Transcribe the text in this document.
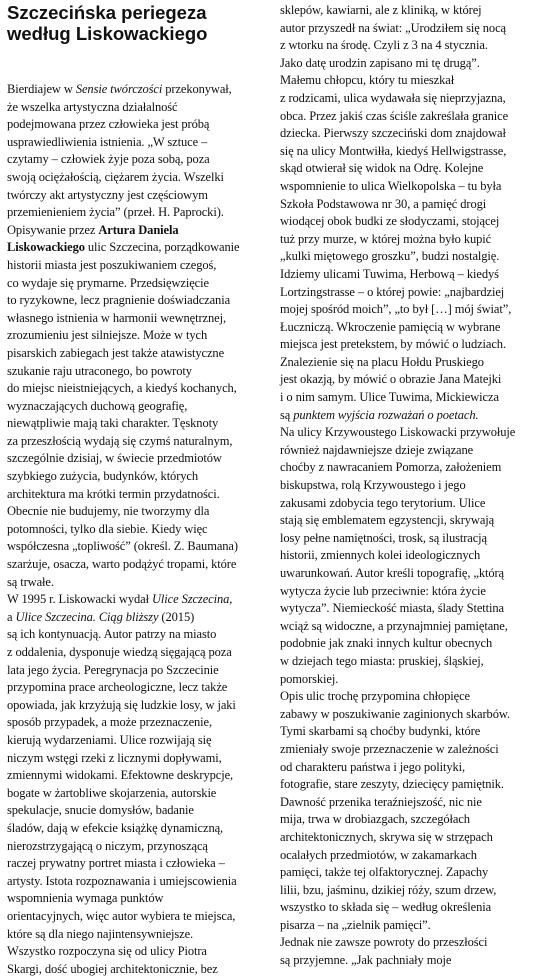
Szczecińska periegeza
według Liskowackiego
Bierdiajew w Sensie twórczości przekonywał,
że wszelka artystyczna działalność
podejmowana przez człowieka jest próbą
usprawiedliwienia istnienia. „W sztuce –
czytamy – człowiek żyje poza sobą, poza
swoją ociężałością, ciężarem życia. Wszelki
twórczy akt artystyczny jest częściowym
przemienieniem życia” (przeł. H. Paprocki).
Opisywanie przez Artura Daniela
Liskowackiego ulic Szczecina, porządkowanie
historii miasta jest poszukiwaniem czegoś,
co wydaje się prymarne. Przedsięwzięcie
to ryzykowne, lecz pragnienie doświadczania
własnego istnienia w harmonii wewnętrznej,
zrozumieniu jest silniejsze. Może w tych
pisarskich zabiegach jest także atawistyczne
szukanie raju utraconego, bo powroty
do miejsc nieistniejących, a kiedyś kochanych,
wyznaczających duchową geografię,
niewątpliwie mają taki charakter. Tęsknoty
za przeszłością wydają się czymś naturalnym,
szczególnie dzisiaj, w świecie przedmiotów
szybkiego zużycia, budynków, których
architektura ma krótki termin przydatności.
Obecnie nie budujemy, nie tworzymy dla
potomności, tylko dla siebie. Kiedy więc
współczesna „topliwość” (określ. Z. Baumana)
szarżuje, osacza, warto podążyć tropami, które
są trwałe.
W 1995 r. Liskowacki wydał Ulice Szczecina,
a Ulice Szczecina. Ciąg bliższy (2015)
są ich kontynuacją. Autor patrzy na miasto
z oddalenia, dysponuje wiedzą sięgającą poza
lata jego życia. Peregrynacja po Szczecinie
przypomina prace archeologiczne, lecz także
opowiada, jak krzyżują się ludzkie losy, w jaki
sposób przypadek, a może przeznaczenie,
kierują wydarzeniami. Ulice rozwijają się
niczym wstęgi rzeki z licznymi dopływami,
zmiennymi widokami. Efektowne deskrypcje,
bogate w żartobliwe skojarzenia, autorskie
spekulacje, snucie domysłów, badanie
śladów, dają w efekcie książkę dynamiczną,
nierozstrzygającą o niczym, przynoszącą
raczej prywatny portret miasta i człowieka –
artysty. Istota rozpoznawania i umiejscowienia
wspomnienia wymaga punktów
orientacyjnych, więc autor wybiera te miejsca,
które są dla niego najintensywniejsze.
Wszystko rozpoczyna się od ulicy Piotra
Skargi, dość ubogiej architektonicznie, bez
sklepów, kawiarni, ale z kliniką, w której
autor przyszedł na świat: „Urodziłem się nocą
z wtorku na środę. Czyli z 3 na 4 stycznia.
Jako datę urodzin zapisano mi tę drugą”.
Małemu chłopcu, który tu mieszkał
z rodzicami, ulica wydawała się nieprzyjazna,
obca. Przez jakiś czas ściśle zakreślała granice
dziecka. Pierwszy szczeciński dom znajdował
się na ulicy Montwiłła, kiedyś Hellwigstrasse,
skąd otwierał się widok na Odrę. Kolejne
wspomnienie to ulica Wielkopolska – tu była
Szkoła Podstawowa nr 30, a pamięć drogi
wiodącej obok budki ze słodyczami, stojącej
tuż przy murze, w której można było kupić
„kulki miętowego groszku”, budzi nostalgię.
Idziemy ulicami Tuwima, Herbową – kiedyś
Lortzingstrasse – o której powie: „najbardziej
mojej spośród moich”, „to był […] mój świat”,
Łuczniczą. Wkroczenie pamięcią w wybrane
miejsca jest pretekstem, by mówić o ludziach.
Znalezienie się na placu Hołdu Pruskiego
jest okazją, by mówić o obrazie Jana Matejki
i o nim samym. Ulice Tuwima, Mickiewicza
są punktem wyjścia rozważań o poetach.
Na ulicy Krzywoustego Liskowacki przywołuje
również najdawniejsze dzieje związane
choćby z nawracaniem Pomorza, założeniem
biskupstwa, rolą Krzywoustego i jego
zakusami zdobycia tego terytorium. Ulice
stają się emblematem egzystencji, skrywają
losy pełne namiętności, trosk, są ilustracją
historii, zmiennych kolei ideologicznych
uwarunkowań. Autor kreśli topografię, „którą
wytycza życie lub przeciwnie: która życie
wytycza”. Niemieckość miasta, ślady Stettina
wciąż są widoczne, a przynajmniej pamiętane,
podobnie jak znaki innych kultur obecnych
w dziejach tego miasta: pruskiej, śląskiej,
pomorskiej.
Opis ulic trochę przypomina chłopięce
zabawy w poszukiwanie zaginionych skarbów.
Tymi skarbami są choćby budynki, które
zmieniały swoje przeznaczenie w zależności
od charakteru państwa i jego polityki,
fotografie, stare zeszyty, dziecięcy pamiętnik.
Dawność przenika teraźniejszość, nic nie
mija, trwa w drobiazgach, szczegółach
architektonicznych, skrywa się w strzępach
ocalałych przedmiotów, w zakamarkach
pamięci, także tej olfaktorycznej. Zapachy
lilii, bzu, jaśminu, dzikiej róży, szum drzew,
wszystko to składa się – według określenia
pisarza – na „zielnik pamięci”.
Jednak nie zawsze powroty do przeszłości
są przyjemne. „Jak pachniały moje
